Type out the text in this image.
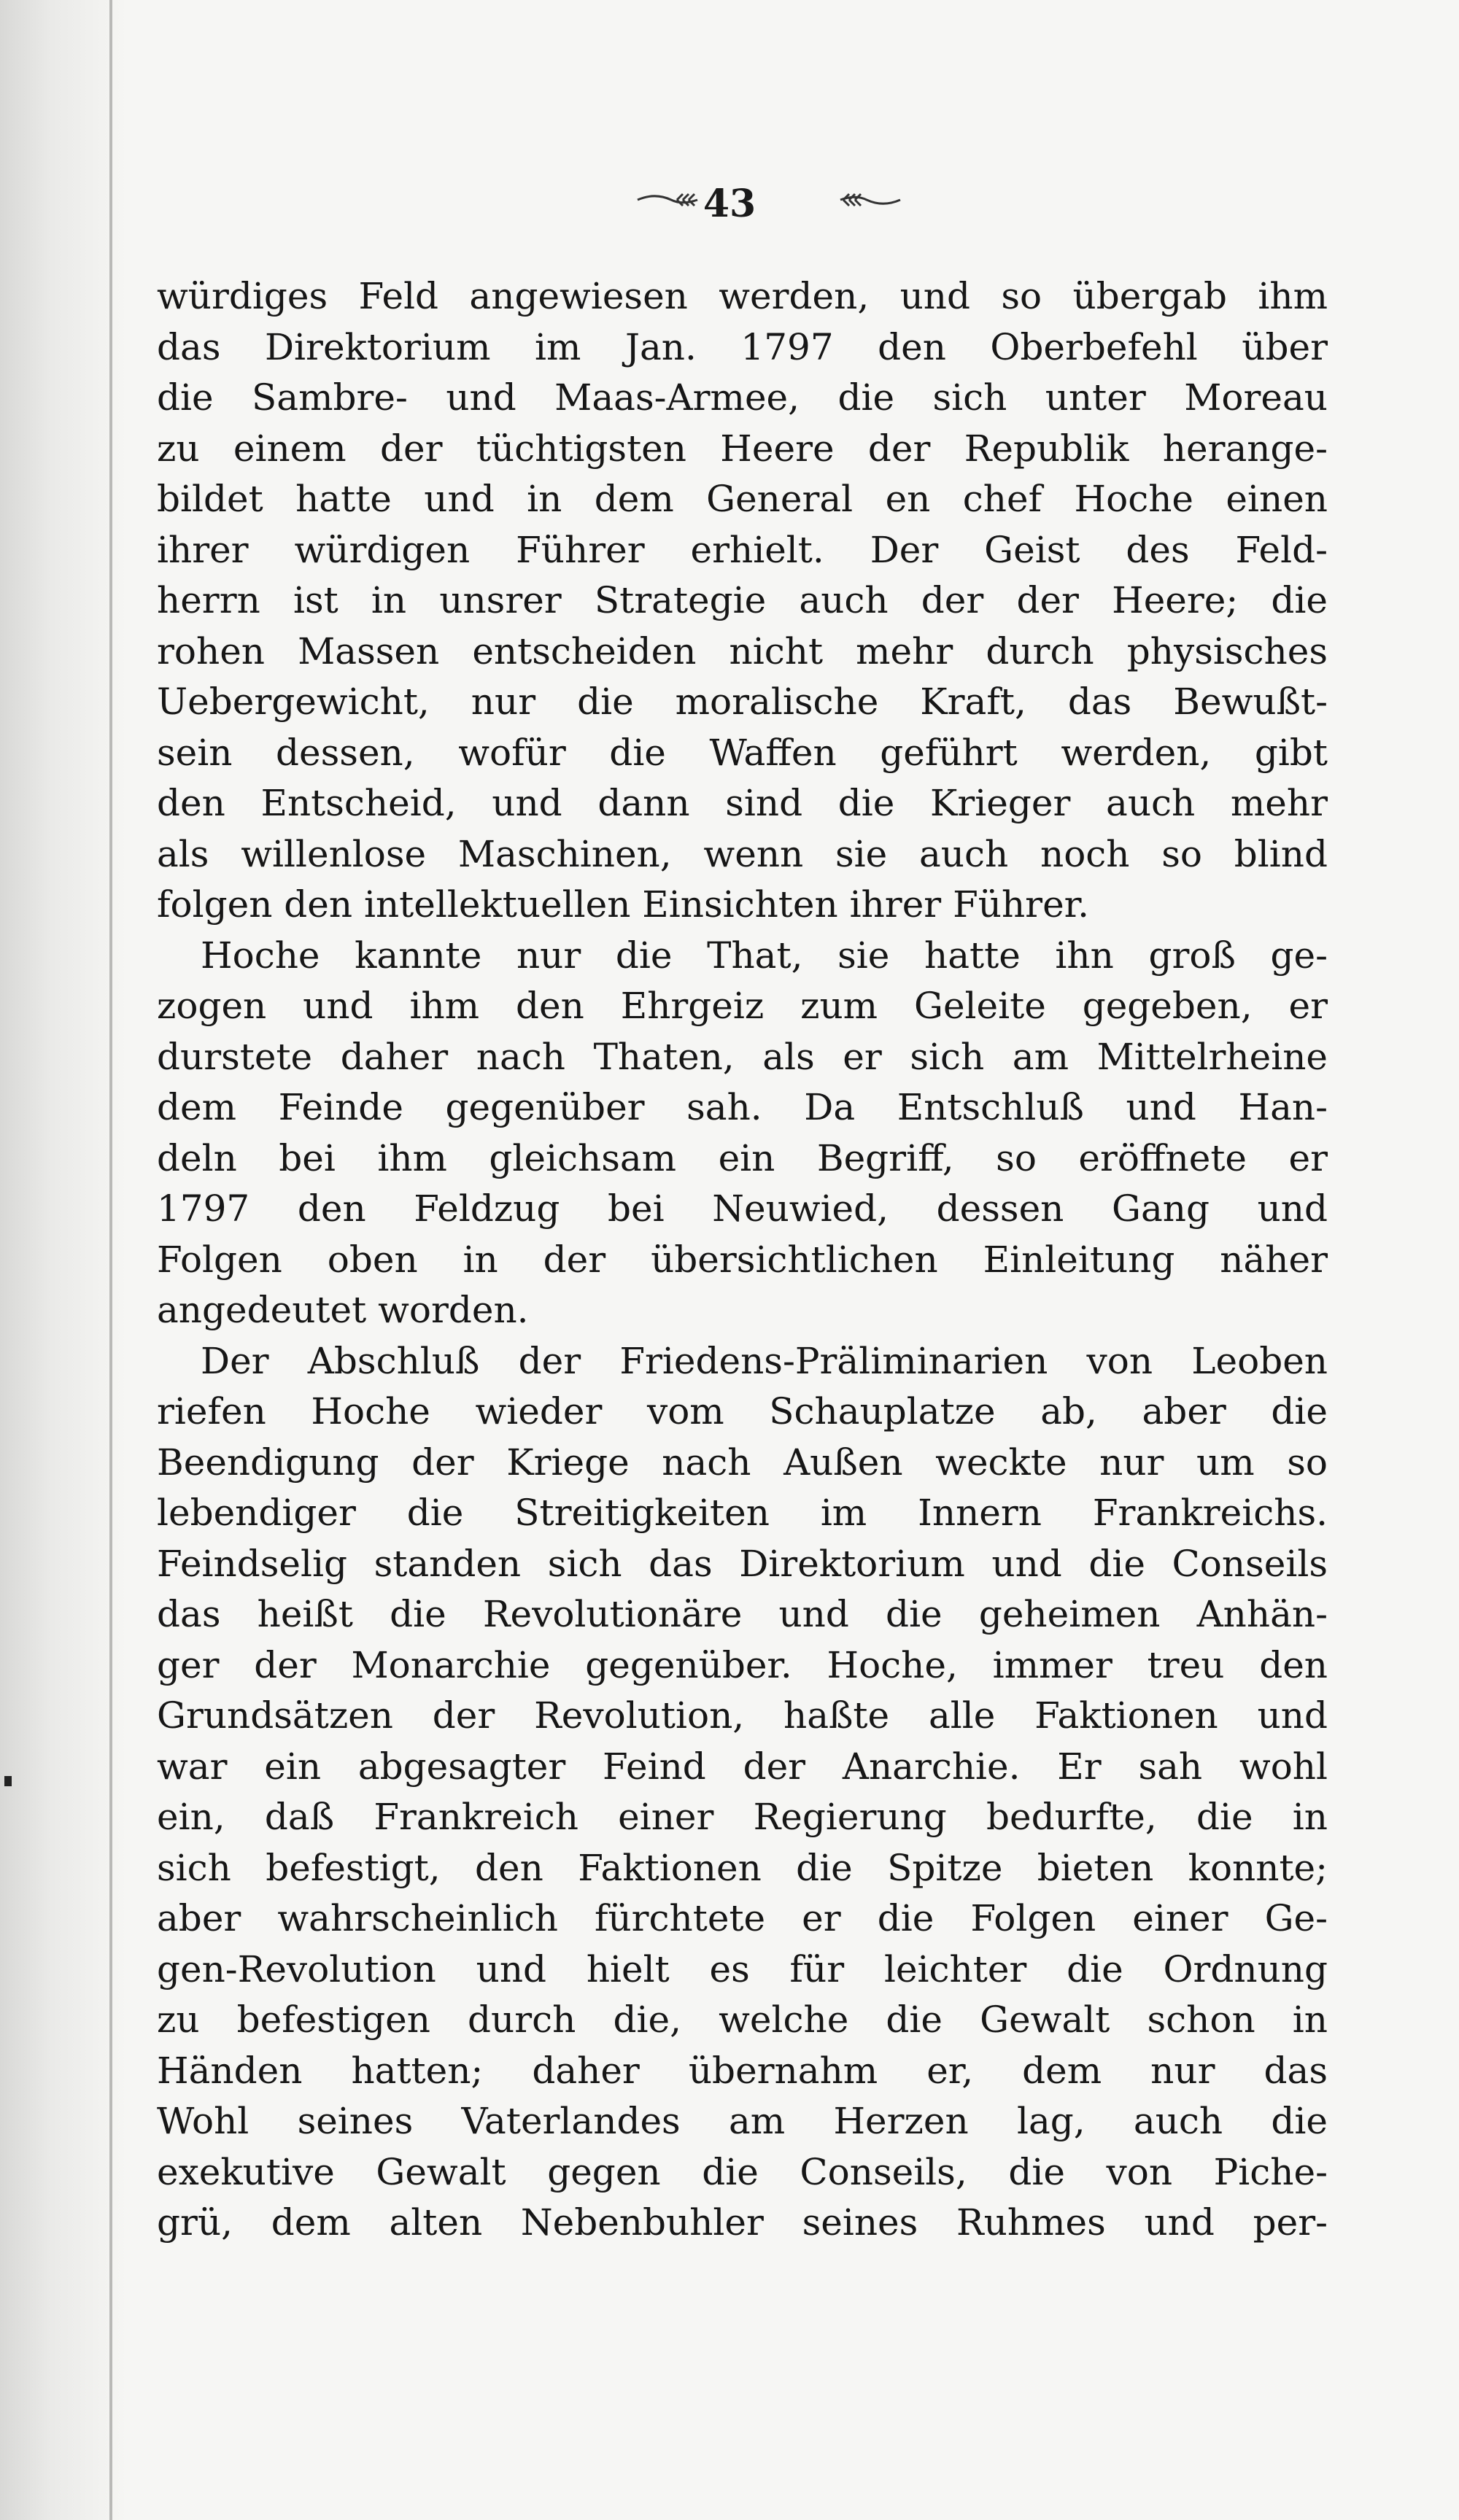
43
würdiges Feld angewiesen werden, und so übergab ihm
das Direktorium im Jan. 1797 den Oberbefehl über
die Sambre- und Maas-Armee, die sich unter Moreau
zu einem der tüchtigsten Heere der Republik herange-
bildet hatte und in dem General en chef Hoche einen
ihrer würdigen Führer erhielt. Der Geist des Feld-
herrn ist in unsrer Strategie auch der der Heere; die
rohen Massen entscheiden nicht mehr durch physisches
Uebergewicht, nur die moralische Kraft, das Bewußt-
sein dessen, wofür die Waffen geführt werden, gibt
den Entscheid, und dann sind die Krieger auch mehr
als willenlose Maschinen, wenn sie auch noch so blind
folgen den intellektuellen Einsichten ihrer Führer.
Hoche kannte nur die That, sie hatte ihn groß ge-
zogen und ihm den Ehrgeiz zum Geleite gegeben, er
durstete daher nach Thaten, als er sich am Mittelrheine
dem Feinde gegenüber sah. Da Entschluß und Han-
deln bei ihm gleichsam ein Begriff, so eröffnete er
1797 den Feldzug bei Neuwied, dessen Gang und
Folgen oben in der übersichtlichen Einleitung näher
angedeutet worden.
Der Abschluß der Friedens-Präliminarien von Leoben
riefen Hoche wieder vom Schauplatze ab, aber die
Beendigung der Kriege nach Außen weckte nur um so
lebendiger die Streitigkeiten im Innern Frankreichs.
Feindselig standen sich das Direktorium und die Conseils
das heißt die Revolutionäre und die geheimen Anhän-
ger der Monarchie gegenüber. Hoche, immer treu den
Grundsätzen der Revolution, haßte alle Faktionen und
war ein abgesagter Feind der Anarchie. Er sah wohl
ein, daß Frankreich einer Regierung bedurfte, die in
sich befestigt, den Faktionen die Spitze bieten konnte;
aber wahrscheinlich fürchtete er die Folgen einer Ge-
gen-Revolution und hielt es für leichter die Ordnung
zu befestigen durch die, welche die Gewalt schon in
Händen hatten; daher übernahm er, dem nur das
Wohl seines Vaterlandes am Herzen lag, auch die
exekutive Gewalt gegen die Conseils, die von Piche-
grü, dem alten Nebenbuhler seines Ruhmes und per-
